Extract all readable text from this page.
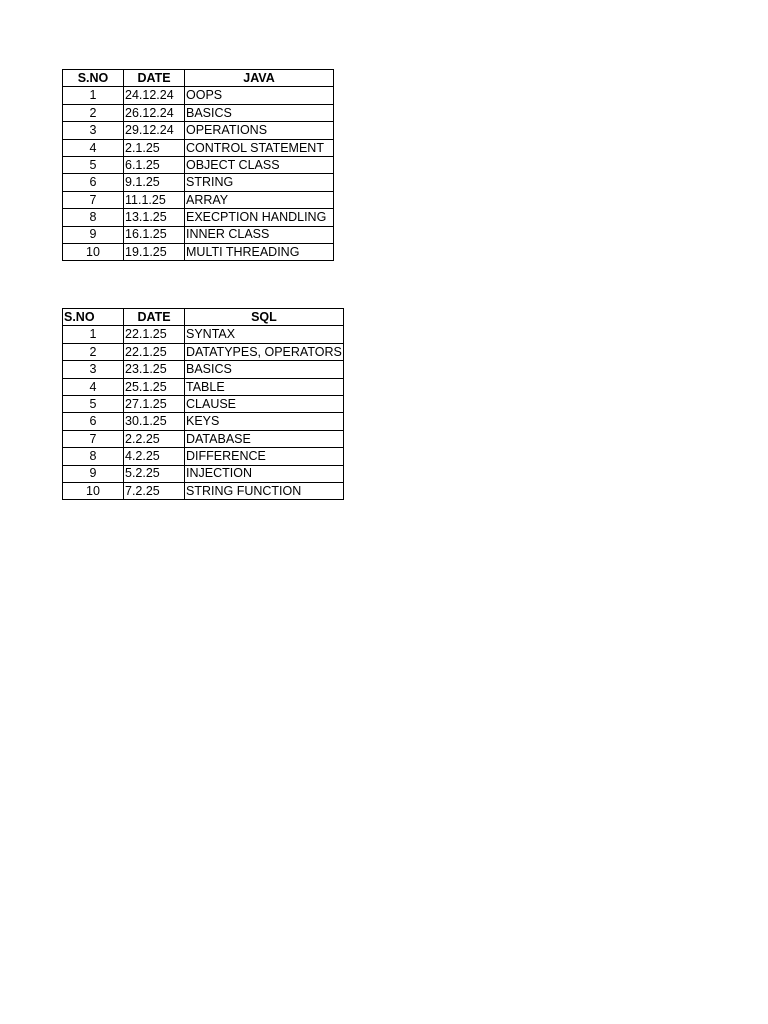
S.NO	DATE	JAVA
1	24.12.24	OOPS
2	26.12.24	BASICS
3	29.12.24	OPERATIONS
4	2.1.25	CONTROL STATEMENT
5	6.1.25	OBJECT CLASS
6	9.1.25	STRING
7	11.1.25	ARRAY
8	13.1.25	EXECPTION HANDLING
9	16.1.25	INNER CLASS
10	19.1.25	MULTI THREADING
S.NO	DATE	SQL
1	22.1.25	SYNTAX
2	22.1.25	DATATYPES, OPERATORS
3	23.1.25	BASICS
4	25.1.25	TABLE
5	27.1.25	CLAUSE
6	30.1.25	KEYS
7	2.2.25	DATABASE
8	4.2.25	DIFFERENCE
9	5.2.25	INJECTION
10	7.2.25	STRING FUNCTION
